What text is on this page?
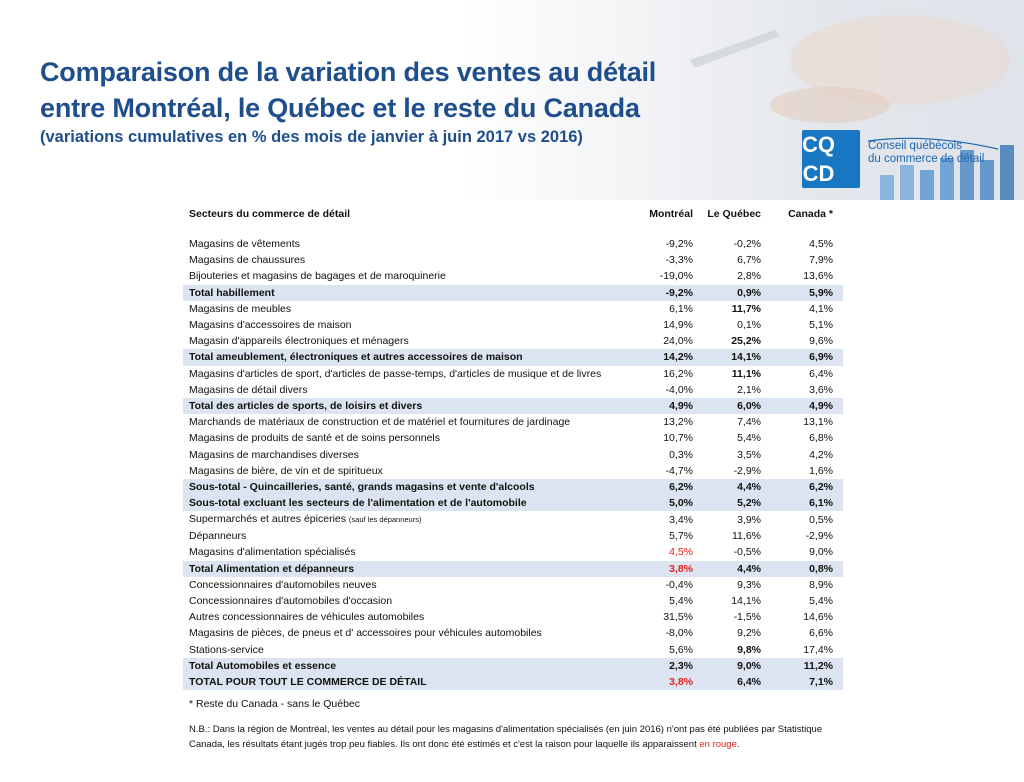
Comparaison de la variation des ventes au détail
entre Montréal, le Québec et le reste du Canada

(variations cumulatives en % des mois de janvier à juin 2017 vs 2016)	CQ
CD
Conseil québécois
du commerce de détail
Secteurs du commerce de détail	Montréal	Le Québec	Canada *

Magasins de vêtements	-9,2%	-0,2%	4,5%
Magasins de chaussures	-3,3%	6,7%	7,9%
Bijouteries et magasins de bagages et de maroquinerie	-19,0%	2,8%	13,6%
Total habillement	-9,2%	0,9%	5,9%
Magasins de meubles	6,1%	11,7%	4,1%
Magasins d'accessoires de maison	14,9%	0,1%	5,1%
Magasin d'appareils électroniques et ménagers	24,0%	25,2%	9,6%
Total ameublement, électroniques et autres accessoires de maison	14,2%	14,1%	6,9%
Magasins d'articles de sport, d'articles de passe-temps, d'articles de musique et de livres	16,2%	11,1%	6,4%
Magasins de détail divers	-4,0%	2,1%	3,6%
Total des articles de sports, de loisirs et divers	4,9%	6,0%	4,9%
Marchands de matériaux de construction et de matériel et fournitures de jardinage	13,2%	7,4%	13,1%
Magasins de produits de santé et de soins personnels	10,7%	5,4%	6,8%
Magasins de marchandises diverses	0,3%	3,5%	4,2%
Magasins de bière, de vin et de spiritueux	-4,7%	-2,9%	1,6%
Sous-total - Quincailleries, santé, grands magasins et vente d'alcools	6,2%	4,4%	6,2%
Sous-total excluant les secteurs de l'alimentation et de l'automobile	5,0%	5,2%	6,1%
Supermarchés et autres épiceries (sauf les dépanneurs)	3,4%	3,9%	0,5%
Dépanneurs	5,7%	11,6%	-2,9%
Magasins d'alimentation spécialisés	4,5%	-0,5%	9,0%
Total Alimentation et dépanneurs	3,8%	4,4%	0,8%
Concessionnaires d'automobiles neuves	-0,4%	9,3%	8,9%
Concessionnaires d'automobiles d'occasion	5,4%	14,1%	5,4%
Autres concessionnaires de véhicules automobiles	31,5%	-1,5%	14,6%
Magasins de pièces, de pneus et d' accessoires pour véhicules automobiles	-8,0%	9,2%	6,6%
Stations-service	5,6%	9,8%	17,4%
Total Automobiles et essence	2,3%	9,0%	11,2%
TOTAL POUR TOUT LE COMMERCE DE DÉTAIL	3,8%	6,4%	7,1%
* Reste du Canada - sans le Québec
N.B.: Dans la région de Montréal, les ventes au détail pour les magasins d'alimentation spécialisés (en juin 2016) n'ont pas été publiées par Statistique Canada, les résultats étant jugés trop peu fiables. Ils ont donc été estimés et c'est la raison pour laquelle ils apparaissent en rouge.
